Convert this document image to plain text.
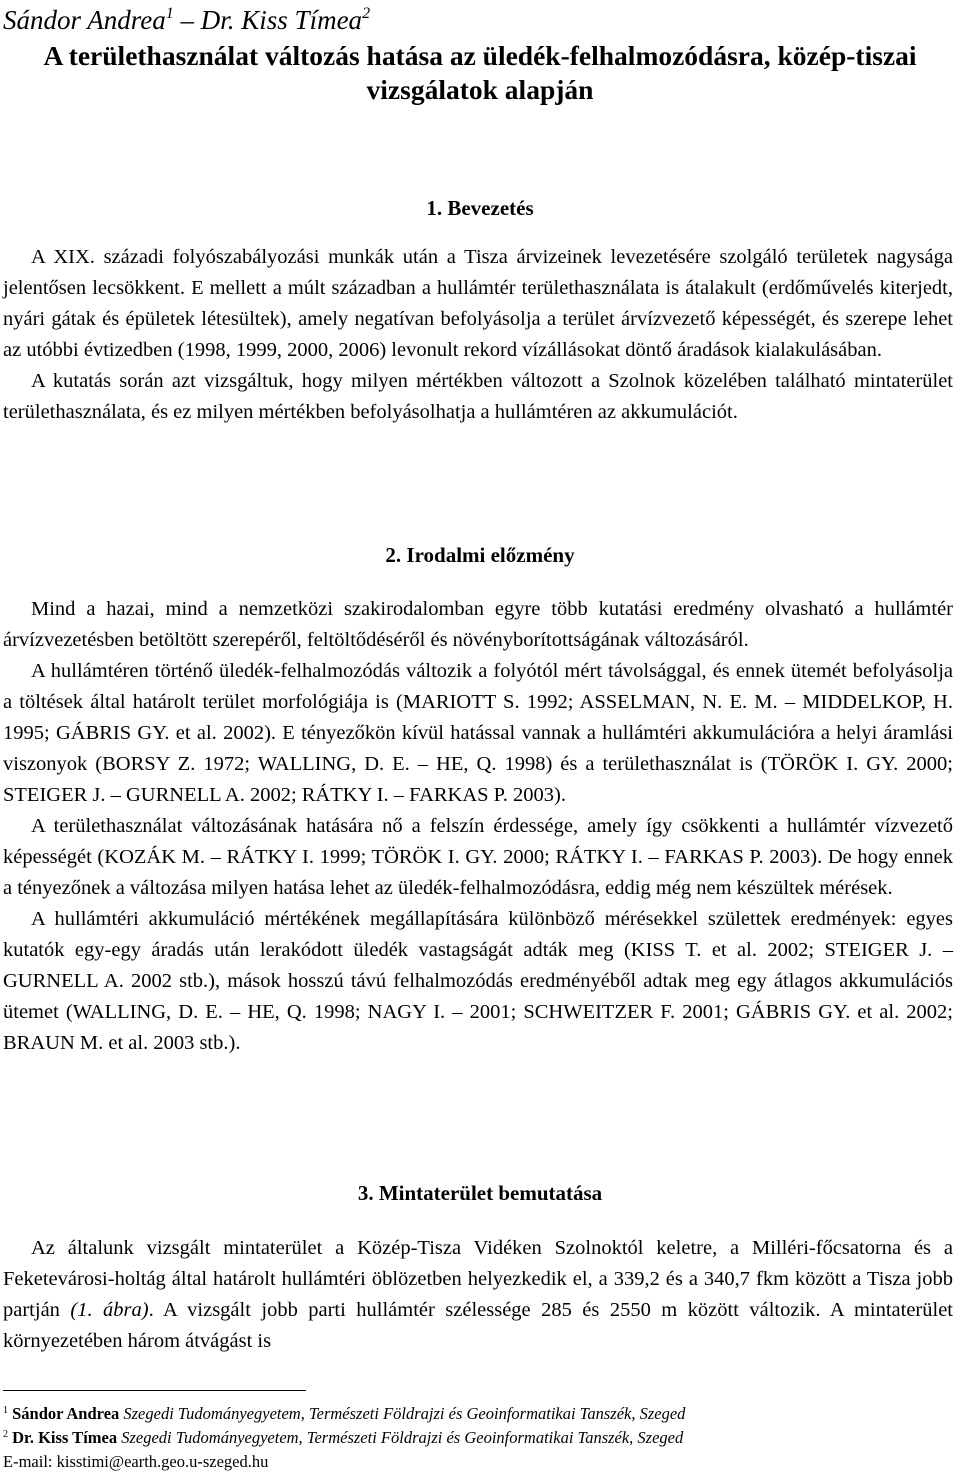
Sándor Andrea$^1$ – Dr. Kiss Tímea$^2$
A területhasználat változás hatása az üledék-felhalmozódásra, közép-tiszai
vizsgálatok alapján
1. Bevezetés

A XIX. századi folyószabályozási munkák után a Tisza árvizeinek levezetésére szolgáló területek nagysága jelentősen lecsökkent. E mellett a múlt században a hullámtér területhasználata is átalakult (erdőművelés kiterjedt, nyári gátak és épületek létesültek), amely negatívan befolyásolja a terület árvízvezető képességét, és szerepe lehet az utóbbi évtizedben (1998, 1999, 2000, 2006) levonult rekord vízállásokat döntő áradások kialakulásában.

A kutatás során azt vizsgáltuk, hogy milyen mértékben változott a Szolnok közelében található mintaterület területhasználata, és ez milyen mértékben befolyásolhatja a hullámtéren az akkumulációt.

2. Irodalmi előzmény

Mind a hazai, mind a nemzetközi szakirodalomban egyre több kutatási eredmény olvasható a hullámtér árvízvezetésben betöltött szerepéről, feltöltődéséről és növényborítottságának változásáról.

A hullámtéren történő üledék-felhalmozódás változik a folyótól mért távolsággal, és ennek ütemét befolyásolja a töltések által határolt terület morfológiája is (MARIOTT S. 1992; ASSELMAN, N. E. M. – MIDDELKOP, H. 1995; GÁBRIS GY. et al. 2002). E tényezőkön kívül hatással vannak a hullámtéri akkumulációra a helyi áramlási viszonyok (BORSY Z. 1972; WALLING, D. E. – HE, Q. 1998) és a területhasználat is (TÖRÖK I. GY. 2000; STEIGER J. – GURNELL A. 2002; RÁTKY I. – FARKAS P. 2003).

A területhasználat változásának hatására nő a felszín érdessége, amely így csökkenti a hullámtér vízvezető képességét (KOZÁK M. – RÁTKY I. 1999; TÖRÖK I. GY. 2000; RÁTKY I. – FARKAS P. 2003). De hogy ennek a tényezőnek a változása milyen hatása lehet az üledék-felhalmozódásra, eddig még nem készültek mérések.

A hullámtéri akkumuláció mértékének megállapítására különböző mérésekkel születtek eredmények: egyes kutatók egy-egy áradás után lerakódott üledék vastagságát adták meg (KISS T. et al. 2002; STEIGER J. – GURNELL A. 2002 stb.), mások hosszú távú felhalmozódás eredményéből adtak meg egy átlagos akkumulációs ütemet (WALLING, D. E. – HE, Q. 1998; NAGY I. – 2001; SCHWEITZER F. 2001; GÁBRIS GY. et al. 2002; BRAUN M. et al. 2003 stb.).

3. Mintaterület bemutatása

Az általunk vizsgált mintaterület a Közép-Tisza Vidéken Szolnoktól keletre, a Milléri-főcsatorna és a Feketevárosi-holtág által határolt hullámtéri öblözetben helyezkedik el, a 339,2 és a 340,7 fkm között a Tisza jobb partján (1. ábra). A vizsgált jobb parti hullámtér szélessége 285 és 2550 m között változik. A mintaterület környezetében három átvágást is

$^1$ Sándor Andrea Szegedi Tudományegyetem, Természeti Földrajzi és Geoinformatikai Tanszék, Szeged
$^2$ Dr. Kiss Tímea Szegedi Tudományegyetem, Természeti Földrajzi és Geoinformatikai Tanszék, Szeged
E-mail: kisstimi@earth.geo.u-szeged.hu
